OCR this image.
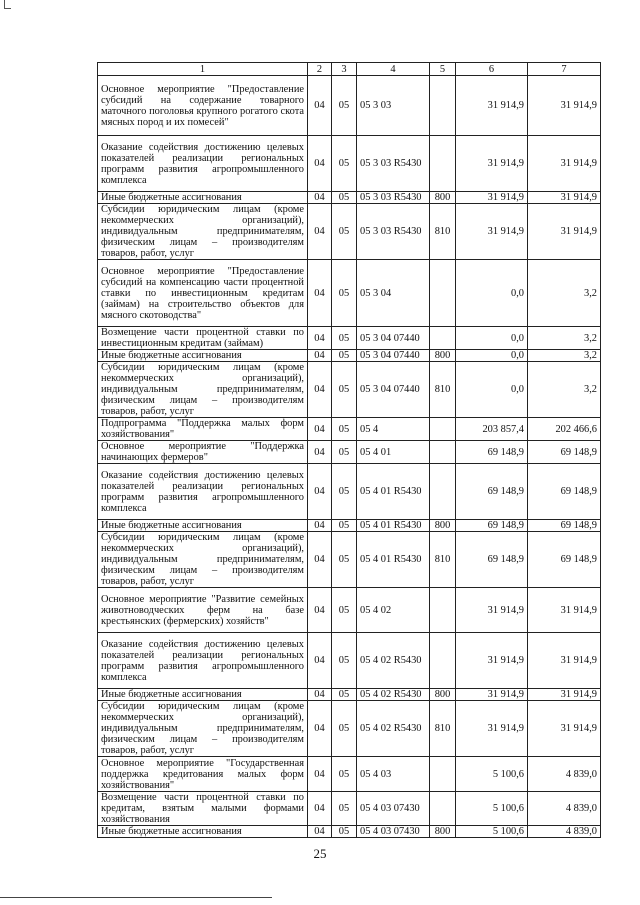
1	2	3	4	5	6	7
Основное мероприятие "Предоставление субсидий на содержание товарного маточного поголовья крупного рогатого скота мясных пород и их помесей"	04	05	05 3 03		31 914,9	31 914,9
Оказание содействия достижению целевых показателей реализации региональных программ развития агропромышленного комплекса	04	05	05 3 03 R5430		31 914,9	31 914,9
Иные бюджетные ассигнования	04	05	05 3 03 R5430	800	31 914,9	31 914,9
Субсидии юридическим лицам (кроме некоммерческих организаций), индивидуальным предпринимателям, физическим лицам – производителям товаров, работ, услуг	04	05	05 3 03 R5430	810	31 914,9	31 914,9
Основное мероприятие "Предоставление субсидий на компенсацию части процентной ставки по инвестиционным кредитам (займам) на строительство объектов для мясного скотоводства"	04	05	05 3 04		0,0	3,2
Возмещение части процентной ставки по инвестиционным кредитам (займам)	04	05	05 3 04 07440		0,0	3,2
Иные бюджетные ассигнования	04	05	05 3 04 07440	800	0,0	3,2
Субсидии юридическим лицам (кроме некоммерческих организаций), индивидуальным предпринимателям, физическим лицам – производителям товаров, работ, услуг	04	05	05 3 04 07440	810	0,0	3,2
Подпрограмма "Поддержка малых форм хозяйствования"	04	05	05 4		203 857,4	202 466,6
Основное мероприятие "Поддержка начинающих фермеров"	04	05	05 4 01		69 148,9	69 148,9
Оказание содействия достижению целевых показателей реализации региональных программ развития агропромышленного комплекса	04	05	05 4 01 R5430		69 148,9	69 148,9
Иные бюджетные ассигнования	04	05	05 4 01 R5430	800	69 148,9	69 148,9
Субсидии юридическим лицам (кроме некоммерческих организаций), индивидуальным предпринимателям, физическим лицам – производителям товаров, работ, услуг	04	05	05 4 01 R5430	810	69 148,9	69 148,9
Основное мероприятие "Развитие семейных животноводческих ферм на базе крестьянских (фермерских) хозяйств"	04	05	05 4 02		31 914,9	31 914,9
Оказание содействия достижению целевых показателей реализации региональных программ развития агропромышленного комплекса	04	05	05 4 02 R5430		31 914,9	31 914,9
Иные бюджетные ассигнования	04	05	05 4 02 R5430	800	31 914,9	31 914,9
Субсидии юридическим лицам (кроме некоммерческих организаций), индивидуальным предпринимателям, физическим лицам – производителям товаров, работ, услуг	04	05	05 4 02 R5430	810	31 914,9	31 914,9
Основное мероприятие "Государственная поддержка кредитования малых форм хозяйствования"	04	05	05 4 03		5 100,6	4 839,0
Возмещение части процентной ставки по кредитам, взятым малыми формами хозяйствования	04	05	05 4 03 07430		5 100,6	4 839,0
Иные бюджетные ассигнования	04	05	05 4 03 07430	800	5 100,6	4 839,0
25
